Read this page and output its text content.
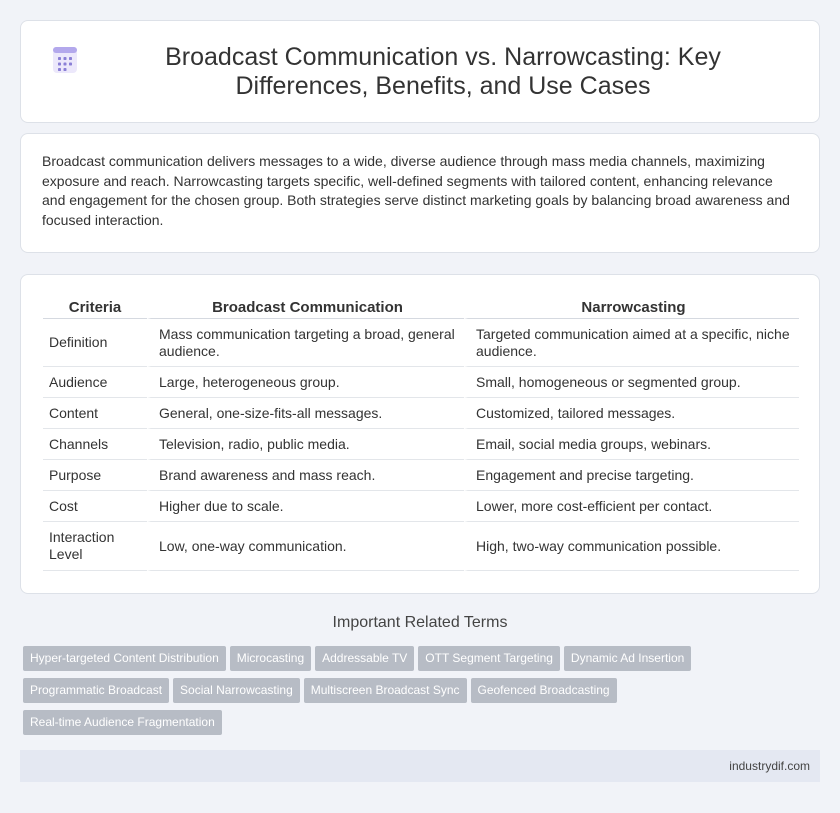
Broadcast Communication vs. Narrowcasting: Key Differences, Benefits, and Use Cases

Broadcast communication delivers messages to a wide, diverse audience through mass media channels, maximizing exposure and reach. Narrowcasting targets specific, well-defined segments with tailored content, enhancing relevance and engagement for the chosen group. Both strategies serve distinct marketing goals by balancing broad awareness and focused interaction.

Criteria	Broadcast Communication	Narrowcasting
Definition	Mass communication targeting a broad, general audience.	Targeted communication aimed at a specific, niche audience.
Audience	Large, heterogeneous group.	Small, homogeneous or segmented group.
Content	General, one-size-fits-all messages.	Customized, tailored messages.
Channels	Television, radio, public media.	Email, social media groups, webinars.
Purpose	Brand awareness and mass reach.	Engagement and precise targeting.
Cost	Higher due to scale.	Lower, more cost-efficient per contact.
Interaction Level	Low, one-way communication.	High, two-way communication possible.
Important Related Terms
Hyper-targeted Content Distribution Microcasting Addressable TV OTT Segment Targeting Dynamic Ad Insertion
Programmatic Broadcast Social Narrowcasting Multiscreen Broadcast Sync Geofenced Broadcasting
Real-time Audience Fragmentation
industrydif.com
